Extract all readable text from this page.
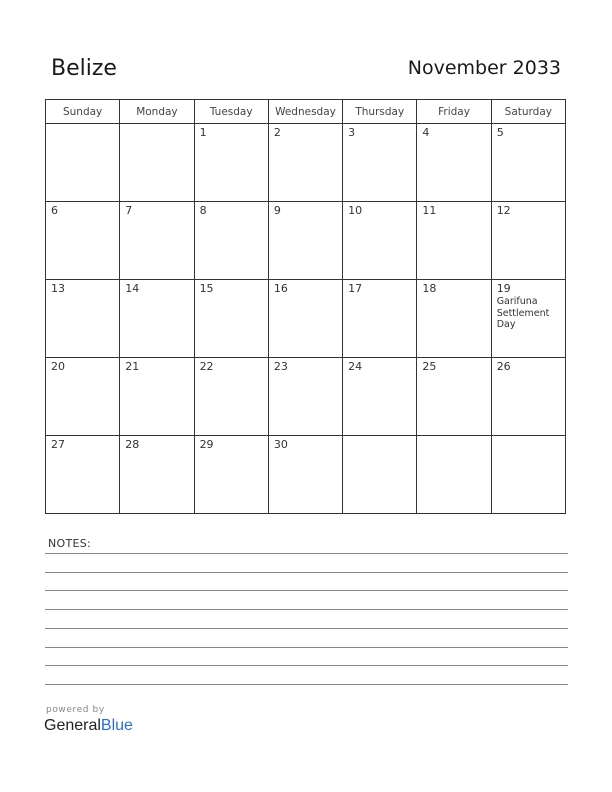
Belize	November 2033
Sunday	Monday	Tuesday	Wednesday	Thursday	Friday	Saturday

		1	2	3	4	5

6	7	8	9	10	11	12

13	14	15	16	17	18	19
Garifuna Settlement Day

20	21	22	23	24	25	26

27	28	29	30			

NOTES:
powered by
GeneralBlue
